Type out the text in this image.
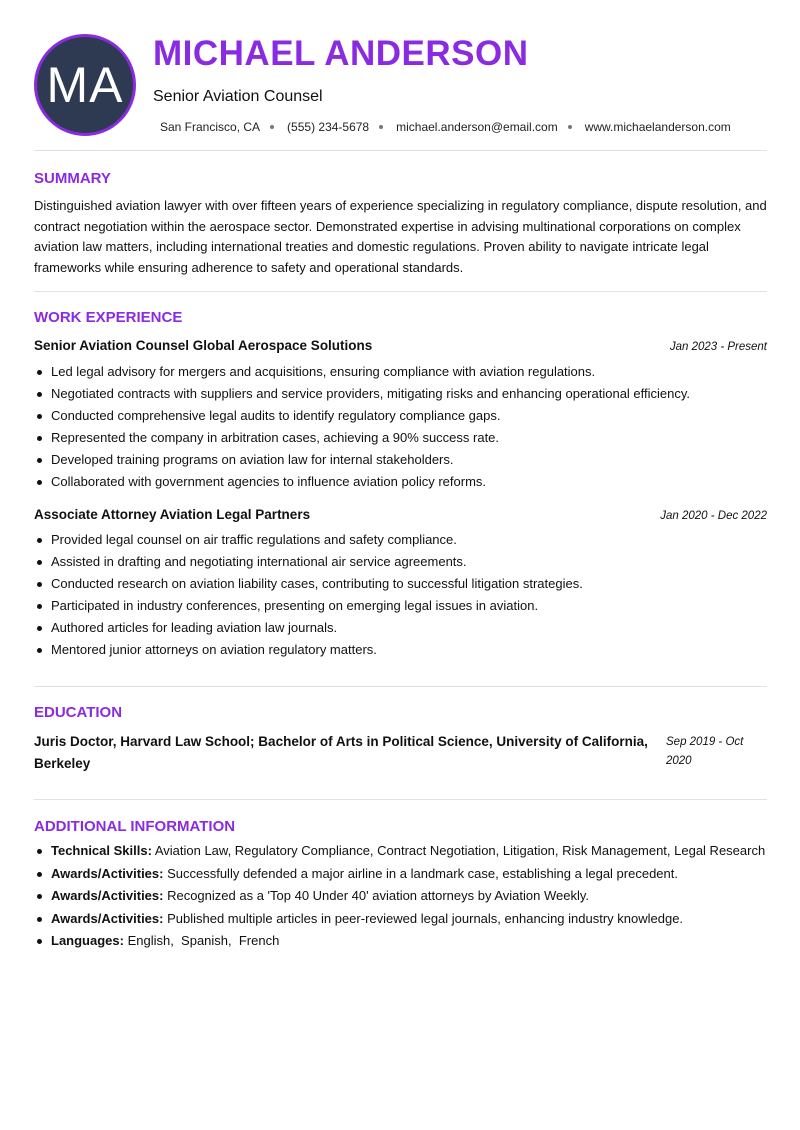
MA
MICHAEL ANDERSON
Senior Aviation Counsel
San Francisco, CA (555) 234-5678 michael.anderson@email.com www.michaelanderson.com
SUMMARY

Distinguished aviation lawyer with over fifteen years of experience specializing in regulatory compliance, dispute resolution, and contract negotiation within the aerospace sector. Demonstrated expertise in advising multinational corporations on complex aviation law matters, including international treaties and domestic regulations. Proven ability to navigate intricate legal frameworks while ensuring adherence to safety and operational standards.

WORK EXPERIENCE
Senior Aviation Counsel Global Aerospace Solutions	Jan 2023 - Present
Led legal advisory for mergers and acquisitions, ensuring compliance with aviation regulations.
Negotiated contracts with suppliers and service providers, mitigating risks and enhancing operational efficiency.
Conducted comprehensive legal audits to identify regulatory compliance gaps.
Represented the company in arbitration cases, achieving a 90% success rate.
Developed training programs on aviation law for internal stakeholders.
Collaborated with government agencies to influence aviation policy reforms.
Associate Attorney Aviation Legal Partners	Jan 2020 - Dec 2022
Provided legal counsel on air traffic regulations and safety compliance.
Assisted in drafting and negotiating international air service agreements.
Conducted research on aviation liability cases, contributing to successful litigation strategies.
Participated in industry conferences, presenting on emerging legal issues in aviation.
Authored articles for leading aviation law journals.
Mentored junior attorneys on aviation regulatory matters.
EDUCATION

Juris Doctor, Harvard Law School; Bachelor of Arts in Political Science, University of California, Berkeley

Sep 2019 - Oct 2020
ADDITIONAL INFORMATION
Technical Skills: Aviation Law, Regulatory Compliance, Contract Negotiation, Litigation, Risk Management, Legal Research
Awards/Activities: Successfully defended a major airline in a landmark case, establishing a legal precedent.
Awards/Activities: Recognized as a 'Top 40 Under 40' aviation attorneys by Aviation Weekly.
Awards/Activities: Published multiple articles in peer-reviewed legal journals, enhancing industry knowledge.
Languages: English,  Spanish,  French
